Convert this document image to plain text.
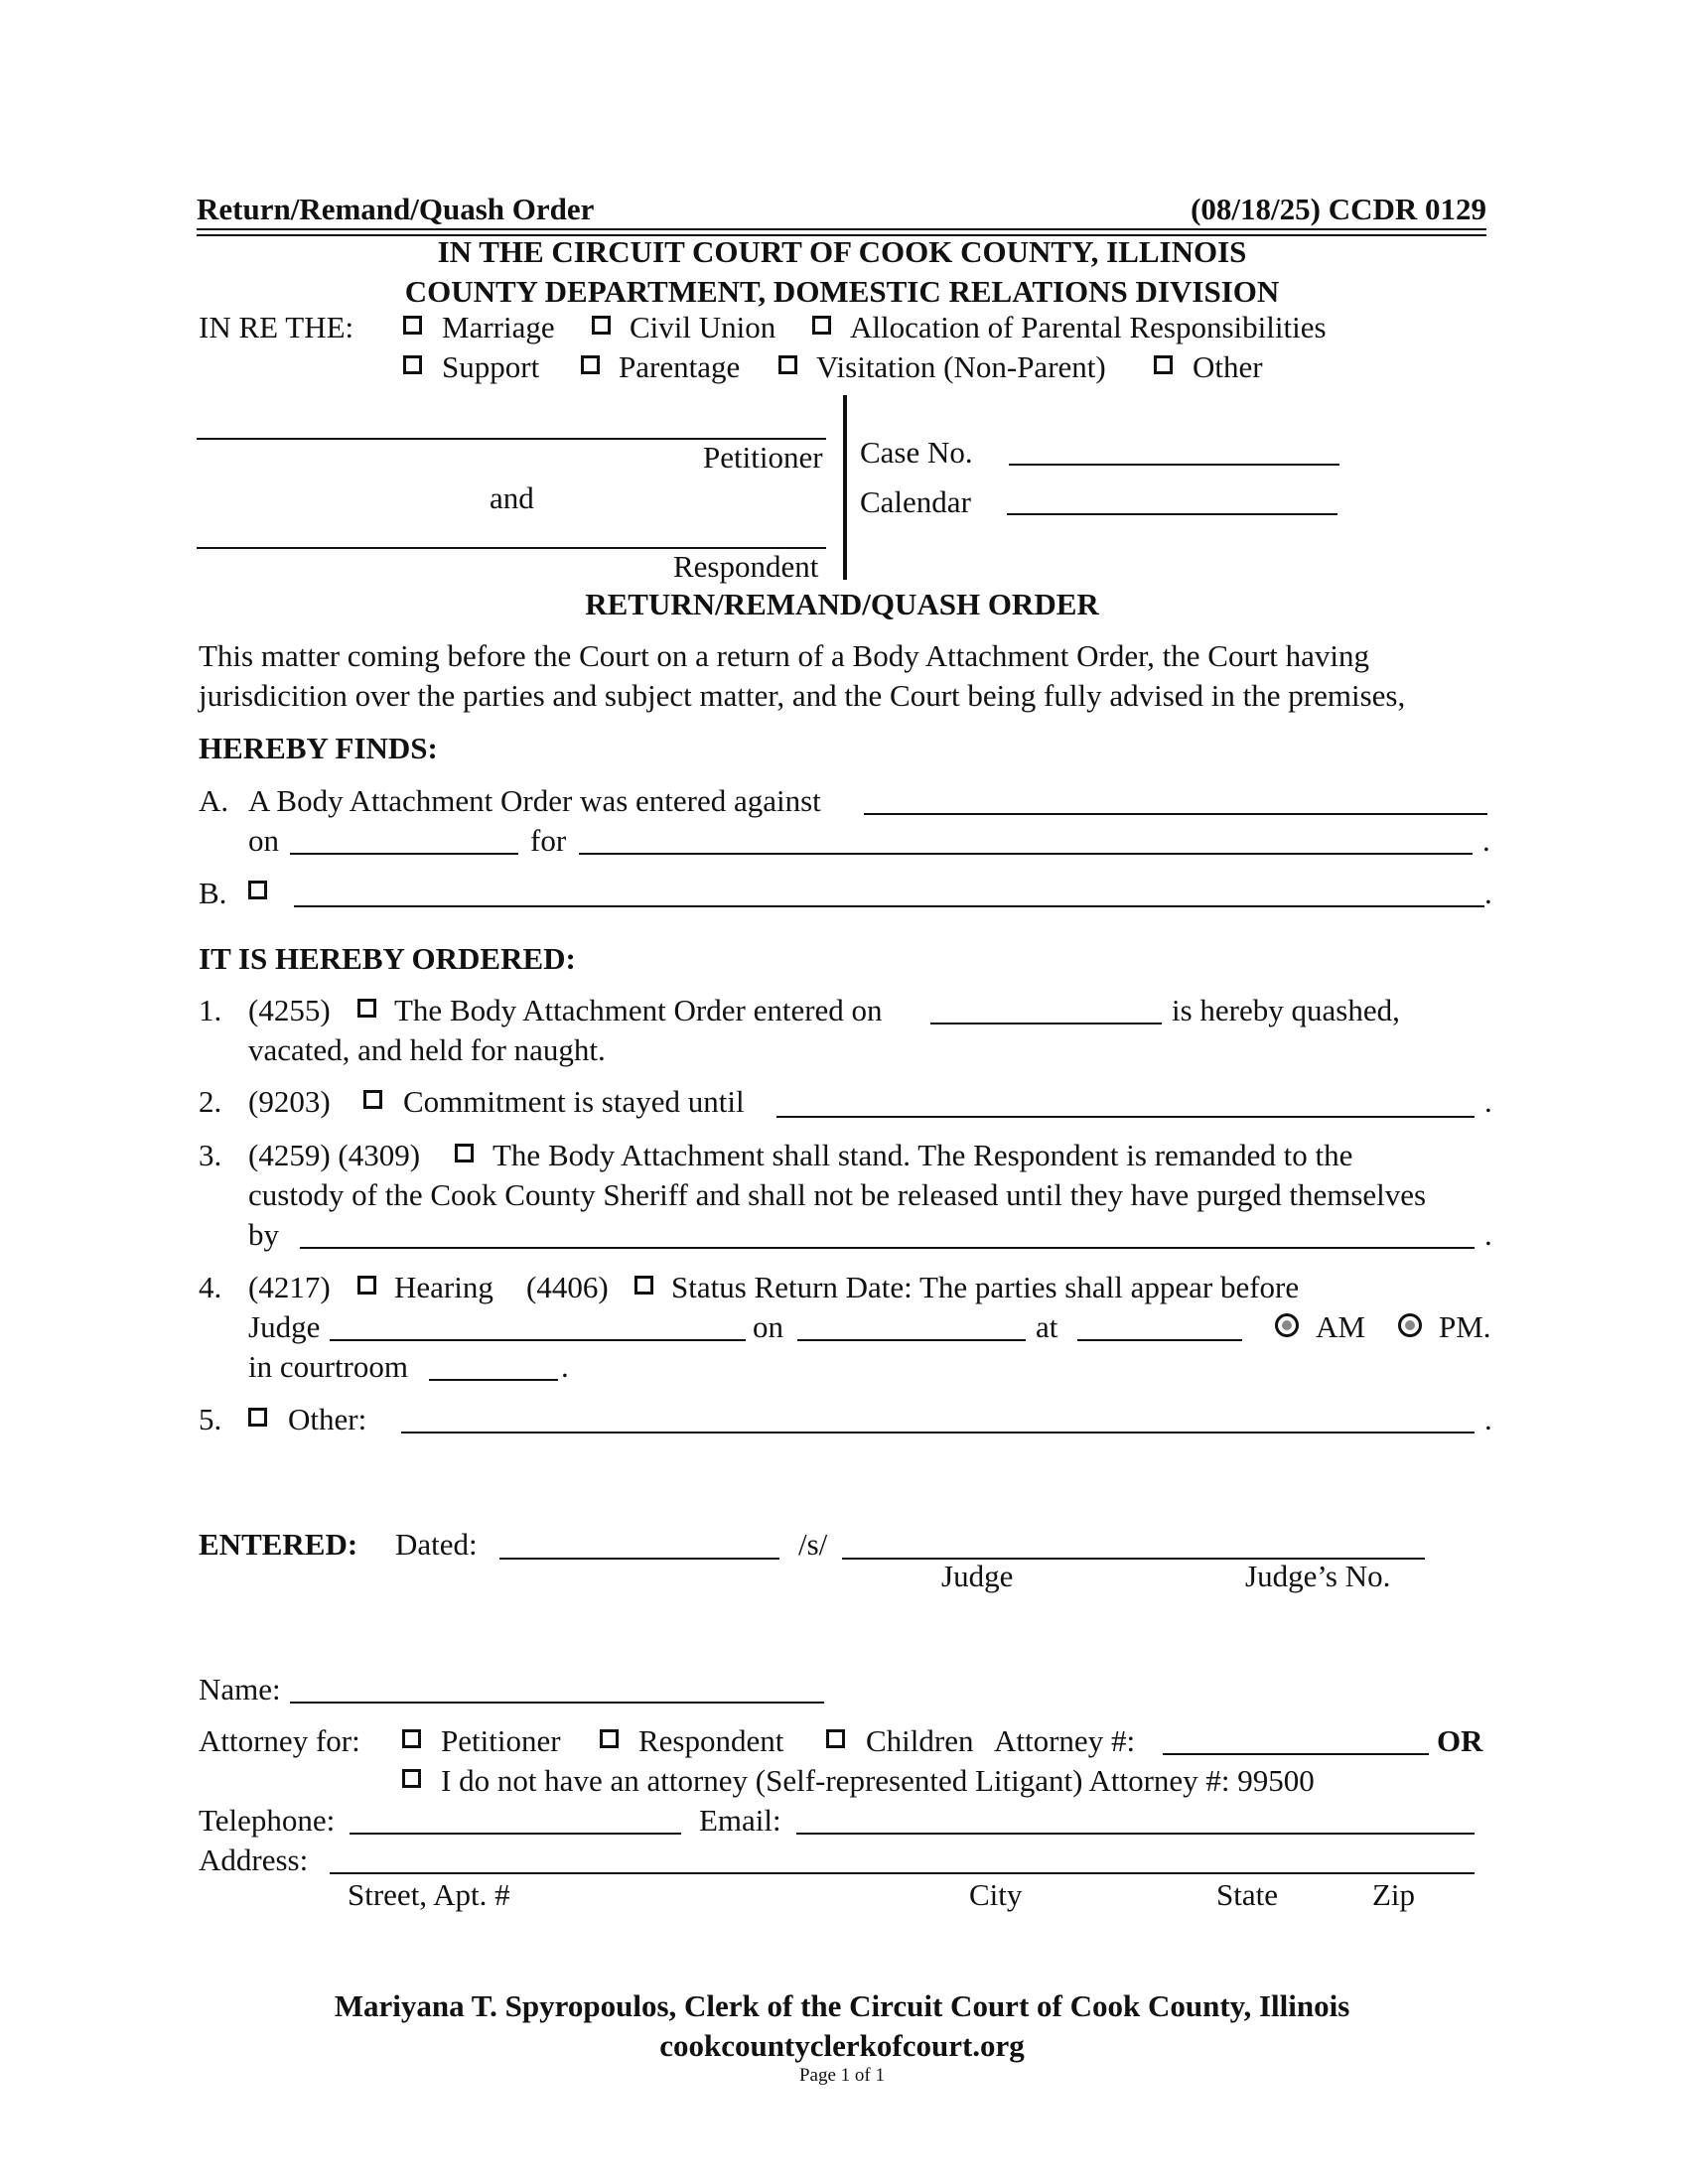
Return/Remand/Quash Order	(08/18/25) CCDR 0129
IN THE CIRCUIT COURT OF COOK COUNTY, ILLINOIS
COUNTY DEPARTMENT, DOMESTIC RELATIONS DIVISION
IN RE THE:	Marriage Civil Union Allocation of Parental Responsibilities
Support	Parentage Visitation (Non-Parent)	Other
Petitioner
and
Respondent
Case No.
Calendar
RETURN/REMAND/QUASH ORDER
This matter coming before the Court on a return of a Body Attachment Order, the Court having
jurisdicition over the parties and subject matter, and the Court being fully advised in the premises,
HEREBY FINDS:
A. A Body Attachment Order was entered against
on	for	.
B.	.
IT IS HEREBY ORDERED:
1. (4255) The Body Attachment Order entered on	is hereby quashed,
vacated, and held for naught.
2. (9203) Commitment is stayed until	.
3. (4259) (4309) The Body Attachment shall stand. The Respondent is remanded to the
custody of the Cook County Sheriff and shall not be released until they have purged themselves
by	.
4. (4217) Hearing (4406) Status Return Date: The parties shall appear before
Judge	on	at	AM PM.
in courtroom	.
5. Other:	.
ENTERED: Dated:	/s/
Judge	Judge’s No.
Name:
Attorney for:	Petitioner	Respondent	Children Attorney #:	OR
I do not have an attorney (Self-represented Litigant) Attorney #: 99500
Telephone:	Email:
Address:
Street, Apt. #	City	State	Zip
Mariyana T. Spyropoulos, Clerk of the Circuit Court of Cook County, Illinois
cookcountyclerkofcourt.org
Page 1 of 1
